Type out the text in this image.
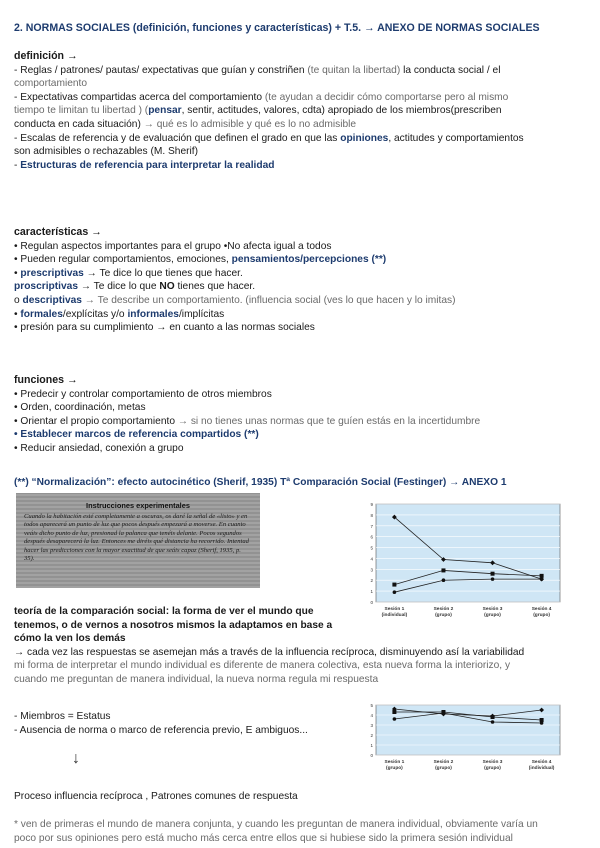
2. NORMAS SOCIALES (definición, funciones y características) + T.5. → ANEXO DE NORMAS SOCIALES
definición →
- Reglas / patrones/ pautas/ expectativas que guían y constriñen (te quitan la libertad) la conducta social / el
comportamiento
- Expectativas compartidas acerca del comportamiento (te ayudan a decidir cómo comportarse pero al mismo
tiempo te limitan tu libertad ) (pensar, sentir, actitudes, valores, cdta) apropiado de los miembros(prescriben
conducta en cada situación) → qué es lo admisible y qué es lo no admisible
- Escalas de referencia y de evaluación que definen el grado en que las opiniones, actitudes y comportamientos
son admisibles o rechazables (M. Sherif)
- Estructuras de referencia para interpretar la realidad
características →
• Regulan aspectos importantes para el grupo •No afecta igual a todos
• Pueden regular comportamientos, emociones, pensamientos/percepciones (**)
• prescriptivas → Te dice lo que tienes que hacer.
proscriptivas → Te dice lo que NO tienes que hacer.
o descriptivas → Te describe un comportamiento. (influencia social (ves lo que hacen y lo imitas)
• formales/explícitas y/o informales/implícitas
• presión para su cumplimiento → en cuanto a las normas sociales
funciones →
• Predecir y controlar comportamiento de otros miembros
• Orden, coordinación, metas
• Orientar el propio comportamiento → si no tienes unas normas que te guíen estás en la incertidumbre
• Establecer marcos de referencia compartidos (**)
• Reducir ansiedad, conexión a grupo
(**) “Normalización”: efecto autocinético (Sherif, 1935) Tª Comparación Social (Festinger) → ANEXO 1
Instrucciones experimentales
Cuando la habitación esté completamente a oscuras, os daré la señal de «listo» y en todos aparecerá un punto de luz que pocos después empezará a moverse. En cuanto veáis dicho punto de luz, presionad la palanca que tenéis delante. Pocos segundos después desaparecerá la luz. Entonces me diréis qué distancia ha recorrido. Intentad hacer las predicciones con la mayor exactitud de que seáis capaz (Sherif, 1935, p. 35).
0
1
2
3
4
5
6
7
8
9
Sesión 1
(individual)
Sesión 2
(grupo)
Sesión 3
(grupo)
Sesión 4
(grupo)
teoría de la comparación social: la forma de ver el mundo que
tenemos, o de vernos a nosotros mismos la adaptamos en base a
cómo la ven los demás
→ cada vez las respuestas se asemejan más a través de la influencia recíproca, disminuyendo así la variabilidad
mi forma de interpretar el mundo individual es diferente de manera colectiva, esta nueva forma la interiorizo, y
cuando me preguntan de manera individual, la nueva norma regula mi respuesta
0
1
2
3
4
5
Sesión 1
(grupo)
Sesión 2
(grupo)
Sesión 3
(grupo)
Sesión 4
(individual)
- Miembros = Estatus
- Ausencia de norma o marco de referencia previo, E ambiguos...
↓
Proceso influencia recíproca , Patrones comunes de respuesta
* ven de primeras el mundo de manera conjunta, y cuando les preguntan de manera individual, obviamente varía un
poco por sus opiniones pero está mucho más cerca entre ellos que si hubiese sido la primera sesión individual
